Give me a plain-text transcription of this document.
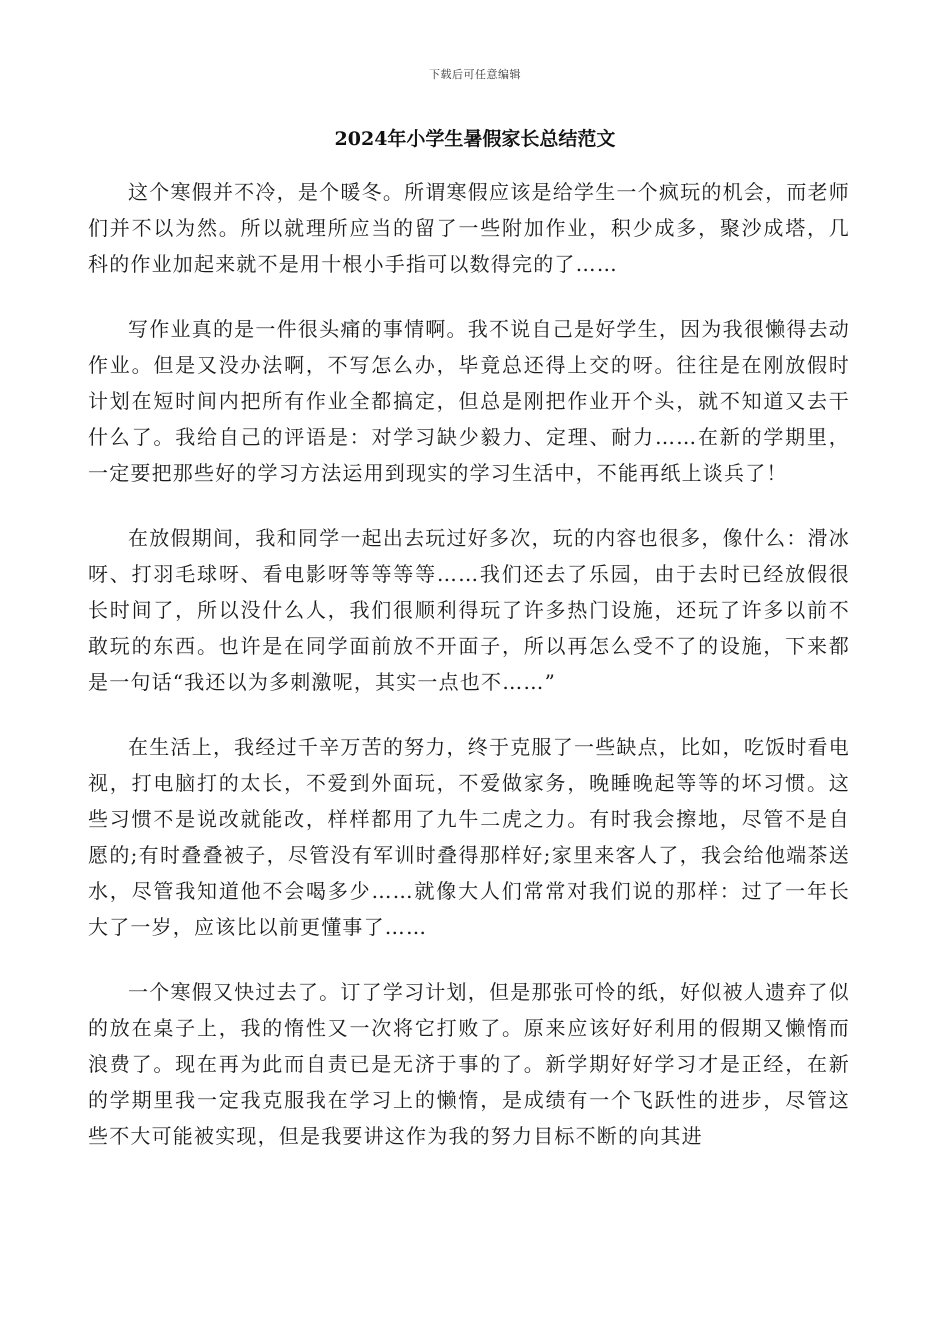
下载后可任意编辑
2024年小学生暑假家长总结范文

这个寒假并不冷，是个暖冬。所谓寒假应该是给学生一个疯玩的机会，而老师们并不以为然。所以就理所应当的留了一些附加作业，积少成多，聚沙成塔，几科的作业加起来就不是用十根小手指可以数得完的了……

写作业真的是一件很头痛的事情啊。我不说自己是好学生，因为我很懒得去动作业。但是又没办法啊，不写怎么办，毕竟总还得上交的呀。往往是在刚放假时计划在短时间内把所有作业全都搞定，但总是刚把作业开个头，就不知道又去干什么了。我给自己的评语是：对学习缺少毅力、定理、耐力……在新的学期里，一定要把那些好的学习方法运用到现实的学习生活中，不能再纸上谈兵了！

在放假期间，我和同学一起出去玩过好多次，玩的内容也很多，像什么：滑冰呀、打羽毛球呀、看电影呀等等等等……我们还去了乐园，由于去时已经放假很长时间了，所以没什么人，我们很顺利得玩了许多热门设施，还玩了许多以前不敢玩的东西。也许是在同学面前放不开面子，所以再怎么受不了的设施，下来都是一句话“我还以为多刺激呢，其实一点也不……”

在生活上，我经过千辛万苦的努力，终于克服了一些缺点，比如，吃饭时看电视，打电脑打的太长，不爱到外面玩，不爱做家务，晚睡晚起等等的坏习惯。这些习惯不是说改就能改，样样都用了九牛二虎之力。有时我会擦地，尽管不是自愿的;有时叠叠被子，尽管没有军训时叠得那样好;家里来客人了，我会给他端茶送水，尽管我知道他不会喝多少……就像大人们常常对我们说的那样：过了一年长大了一岁，应该比以前更懂事了……

一个寒假又快过去了。订了学习计划，但是那张可怜的纸，好似被人遗弃了似的放在桌子上，我的惰性又一次将它打败了。原来应该好好利用的假期又懒惰而浪费了。现在再为此而自责已是无济于事的了。新学期好好学习才是正经，在新的学期里我一定我克服我在学习上的懒惰，是成绩有一个飞跃性的进步，尽管这些不大可能被实现，但是我要讲这作为我的努力目标不断的向其进
